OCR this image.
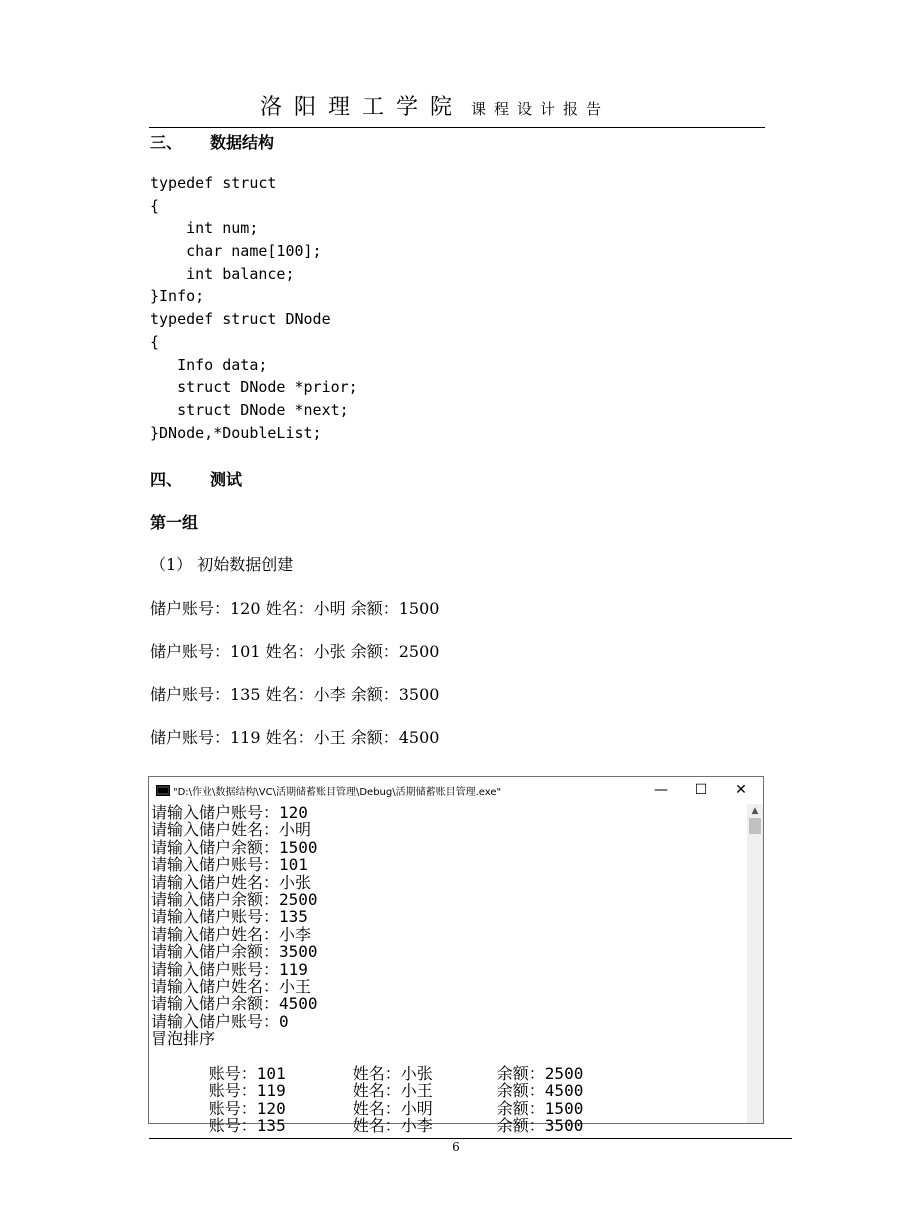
洛阳理工学院 课程设计报告
三、 数据结构
typedef struct
{
int num;
char name[100];
int balance;
}Info;
typedef struct DNode
{
Info data;
struct DNode *prior;
struct DNode *next;
}DNode,*DoubleList;
四、 测试
第一组
（1） 初始数据创建
储户账号：120 姓名：小明 余额：1500
储户账号：101 姓名：小张 余额：2500
储户账号：135 姓名：小李 余额：3500
储户账号：119 姓名：小王 余额：4500
"D:\作业\数据结构\VC\活期储蓄账目管理\Debug\活期储蓄账目管理.exe"	—	☐	✕
请输入储户账号：120
请输入储户姓名：小明
请输入储户余额：1500
请输入储户账号：101
请输入储户姓名：小张
请输入储户余额：2500
请输入储户账号：135
请输入储户姓名：小李
请输入储户余额：3500
请输入储户账号：119
请输入储户姓名：小王
请输入储户余额：4500
请输入储户账号：0
冒泡排序

账号：101	姓名：小张	余额：2500

账号：119	姓名：小王	余额：4500

账号：120	姓名：小明	余额：1500

账号：135	姓名：小李	余额：3500

▲
6
